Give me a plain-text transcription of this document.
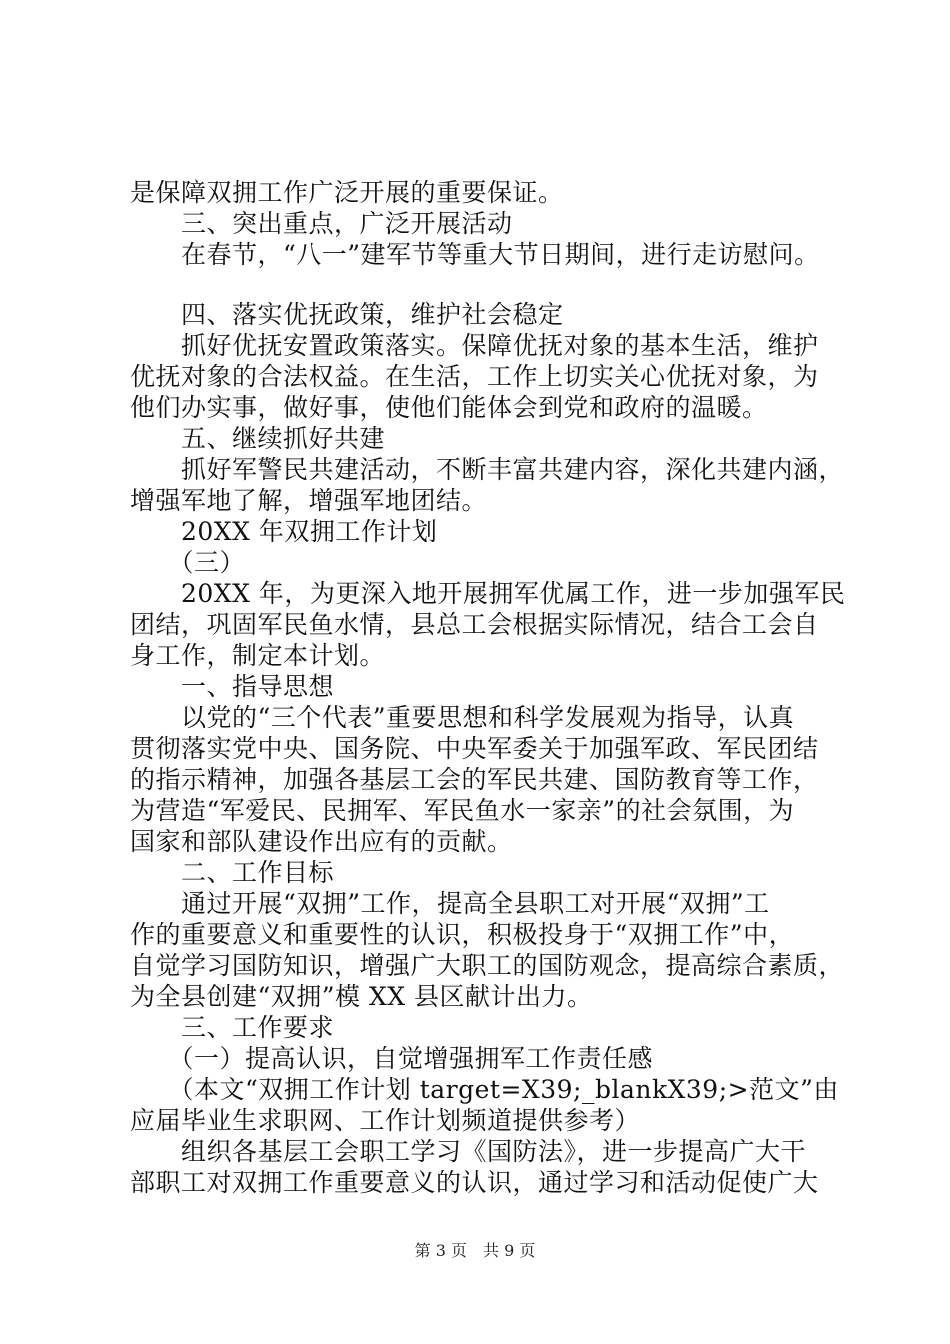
是保障双拥工作广泛开展的重要保证。
　　三、突出重点，广泛开展活动
　　在春节，“八一”建军节等重大节日期间，进行走访慰问。
　　四、落实优抚政策，维护社会稳定
　　抓好优抚安置政策落实。保障优抚对象的基本生活，维护
优抚对象的合法权益。在生活，工作上切实关心优抚对象，为
他们办实事，做好事，使他们能体会到党和政府的温暖。
　　五、继续抓好共建
　　抓好军警民共建活动，不断丰富共建内容，深化共建内涵，
增强军地了解，增强军地团结。
　　20XX 年双拥工作计划
　　（三）
　　20XX 年，为更深入地开展拥军优属工作，进一步加强军民
团结，巩固军民鱼水情，县总工会根据实际情况，结合工会自
身工作，制定本计划。
　　一、指导思想
　　以党的“三个代表”重要思想和科学发展观为指导，认真
贯彻落实党中央、国务院、中央军委关于加强军政、军民团结
的指示精神，加强各基层工会的军民共建、国防教育等工作，
为营造“军爱民、民拥军、军民鱼水一家亲”的社会氛围，为
国家和部队建设作出应有的贡献。
　　二、工作目标
　　通过开展“双拥”工作，提高全县职工对开展“双拥”工
作的重要意义和重要性的认识，积极投身于“双拥工作”中，
自觉学习国防知识，增强广大职工的国防观念，提高综合素质，
为全县创建“双拥”模 XX 县区献计出力。
　　三、工作要求
　　（一）提高认识，自觉增强拥军工作责任感
　　（本文“双拥工作计划 target=X39;_blankX39;>范文”由
应届毕业生求职网、工作计划频道提供参考）
　　组织各基层工会职工学习《国防法》，进一步提高广大干
部职工对双拥工作重要意义的认识，通过学习和活动促使广大
第 3 页　共 9 页
